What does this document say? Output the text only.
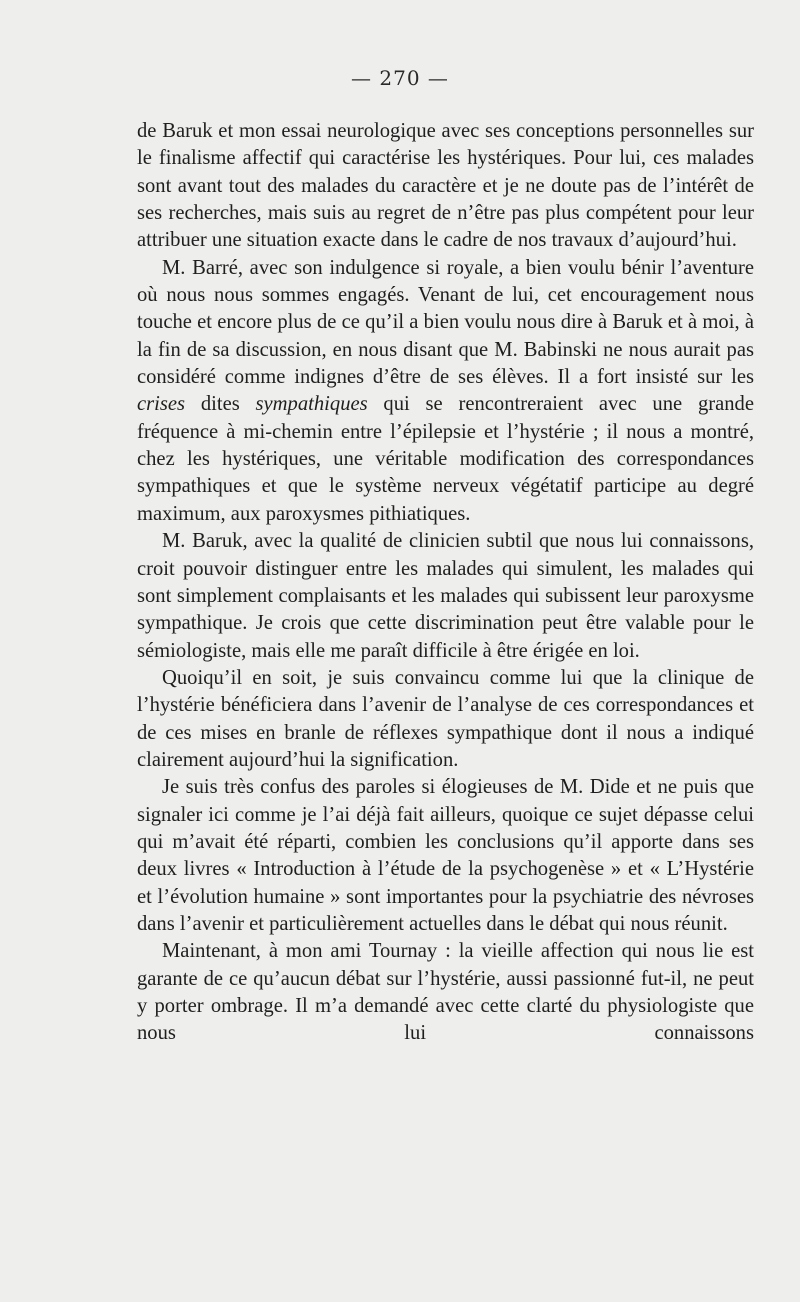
— 270 —

de Baruk et mon essai neurologique avec ses conceptions personnelles sur le finalisme affectif qui caractérise les hystériques. Pour lui, ces malades sont avant tout des malades du caractère et je ne doute pas de l’intérêt de ses recherches, mais suis au regret de n’être pas plus compétent pour leur attribuer une situation exacte dans le cadre de nos travaux d’aujourd’hui.

M. Barré, avec son indulgence si royale, a bien voulu bénir l’aventure où nous nous sommes engagés. Venant de lui, cet encouragement nous touche et encore plus de ce qu’il a bien voulu nous dire à Baruk et à moi, à la fin de sa discussion, en nous disant que M. Babinski ne nous aurait pas considéré comme indignes d’être de ses élèves. Il a fort insisté sur les crises dites sympathiques qui se rencontreraient avec une grande fréquence à mi-chemin entre l’épilepsie et l’hystérie ; il nous a montré, chez les hystériques, une véritable modification des correspondances sympathiques et que le système nerveux végétatif participe au degré maximum, aux paroxysmes pithiatiques.

M. Baruk, avec la qualité de clinicien subtil que nous lui connaissons, croit pouvoir distinguer entre les malades qui simulent, les malades qui sont simplement complaisants et les malades qui subissent leur paroxysme sympathique. Je crois que cette discrimination peut être valable pour le sémiologiste, mais elle me paraît difficile à être érigée en loi.

Quoiqu’il en soit, je suis convaincu comme lui que la clinique de l’hystérie bénéficiera dans l’avenir de l’analyse de ces correspondances et de ces mises en branle de réflexes sympathique dont il nous a indiqué clairement aujourd’hui la signification.

Je suis très confus des paroles si élogieuses de M. Dide et ne puis que signaler ici comme je l’ai déjà fait ailleurs, quoique ce sujet dépasse celui qui m’avait été réparti, combien les conclusions qu’il apporte dans ses deux livres « Introduction à l’étude de la psychogenèse » et « L’Hystérie et l’évolution humaine » sont importantes pour la psychiatrie des névroses dans l’avenir et particulièrement actuelles dans le débat qui nous réunit.

Maintenant, à mon ami Tournay : la vieille affection qui nous lie est garante de ce qu’aucun débat sur l’hystérie, aussi passionné fut-il, ne peut y porter ombrage. Il m’a demandé avec cette clarté du physiologiste que nous lui connaissons
